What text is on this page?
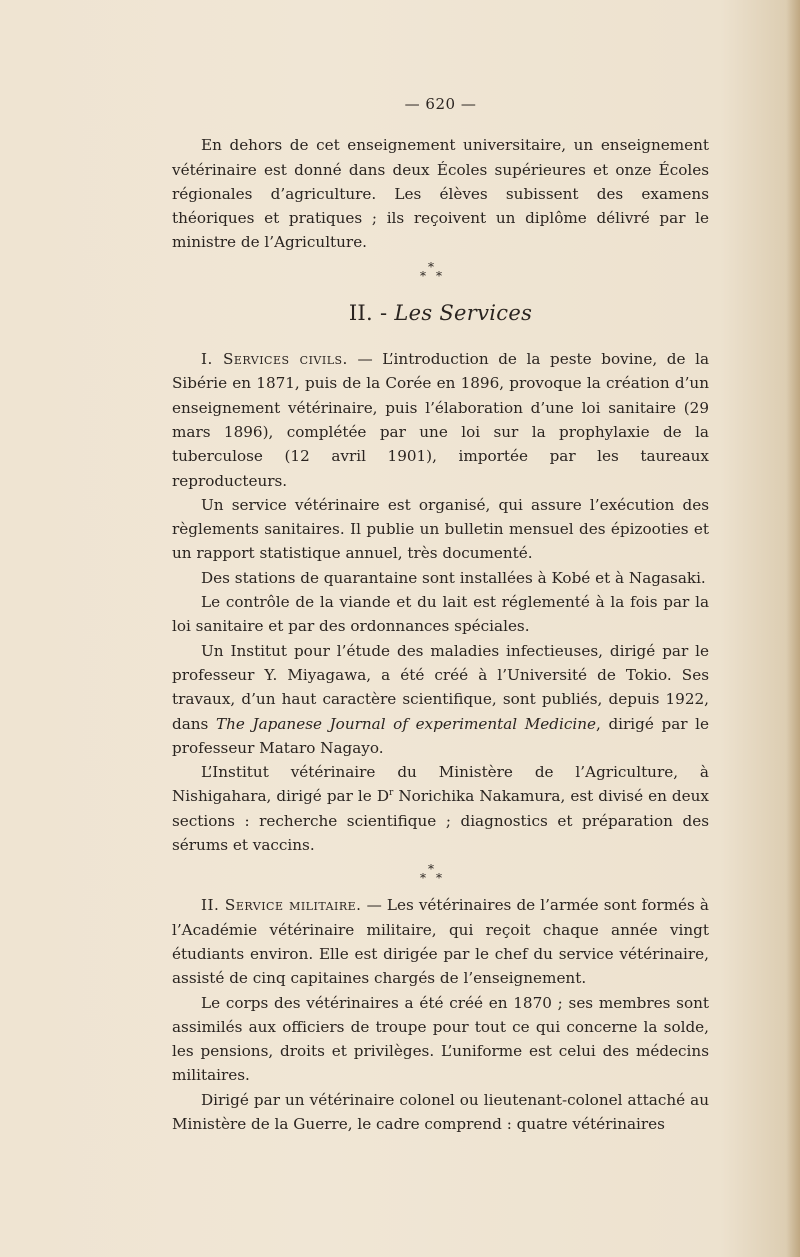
— 620 —

En dehors de cet enseignement universitaire, un enseignement vétérinaire est donné dans deux Écoles supérieures et onze Écoles régionales d’agriculture. Les élèves subissent des examens théoriques et pratiques ; ils reçoivent un diplôme délivré par le ministre de l’Agriculture.

*
* *
II. - Les Services

I. Services civils. — L’introduction de la peste bovine, de la Sibérie en 1871, puis de la Corée en 1896, provoque la création d’un enseignement vétérinaire, puis l’élaboration d’une loi sanitaire (29 mars 1896), complétée par une loi sur la prophylaxie de la tuberculose (12 avril 1901), importée par les taureaux reproducteurs.

Un service vétérinaire est organisé, qui assure l’exécution des règlements sanitaires. Il publie un bulletin mensuel des épizooties et un rapport statistique annuel, très documenté.

Des stations de quarantaine sont installées à Kobé et à Nagasaki.

Le contrôle de la viande et du lait est réglementé à la fois par la loi sanitaire et par des ordonnances spéciales.

Un Institut pour l’étude des maladies infectieuses, dirigé par le professeur Y. Miyagawa, a été créé à l’Université de Tokio. Ses travaux, d’un haut caractère scientifique, sont publiés, depuis 1922, dans The Japanese Journal of experimental Medicine, dirigé par le professeur Mataro Nagayo.

L’Institut vétérinaire du Ministère de l’Agriculture, à Nishigahara, dirigé par le $D^r$ Norichika Nakamura, est divisé en deux sections : recherche scientifique ; diagnostics et préparation des sérums et vaccins.

*
* *

II. Service militaire. — Les vétérinaires de l’armée sont formés à l’Académie vétérinaire militaire, qui reçoit chaque année vingt étudiants environ. Elle est dirigée par le chef du service vétérinaire, assisté de cinq capitaines chargés de l’enseignement.

Le corps des vétérinaires a été créé en 1870 ; ses membres sont assimilés aux officiers de troupe pour tout ce qui concerne la solde, les pensions, droits et privilèges. L’uniforme est celui des médecins militaires.

Dirigé par un vétérinaire colonel ou lieutenant-colonel attaché au Ministère de la Guerre, le cadre comprend : quatre vétérinaires
